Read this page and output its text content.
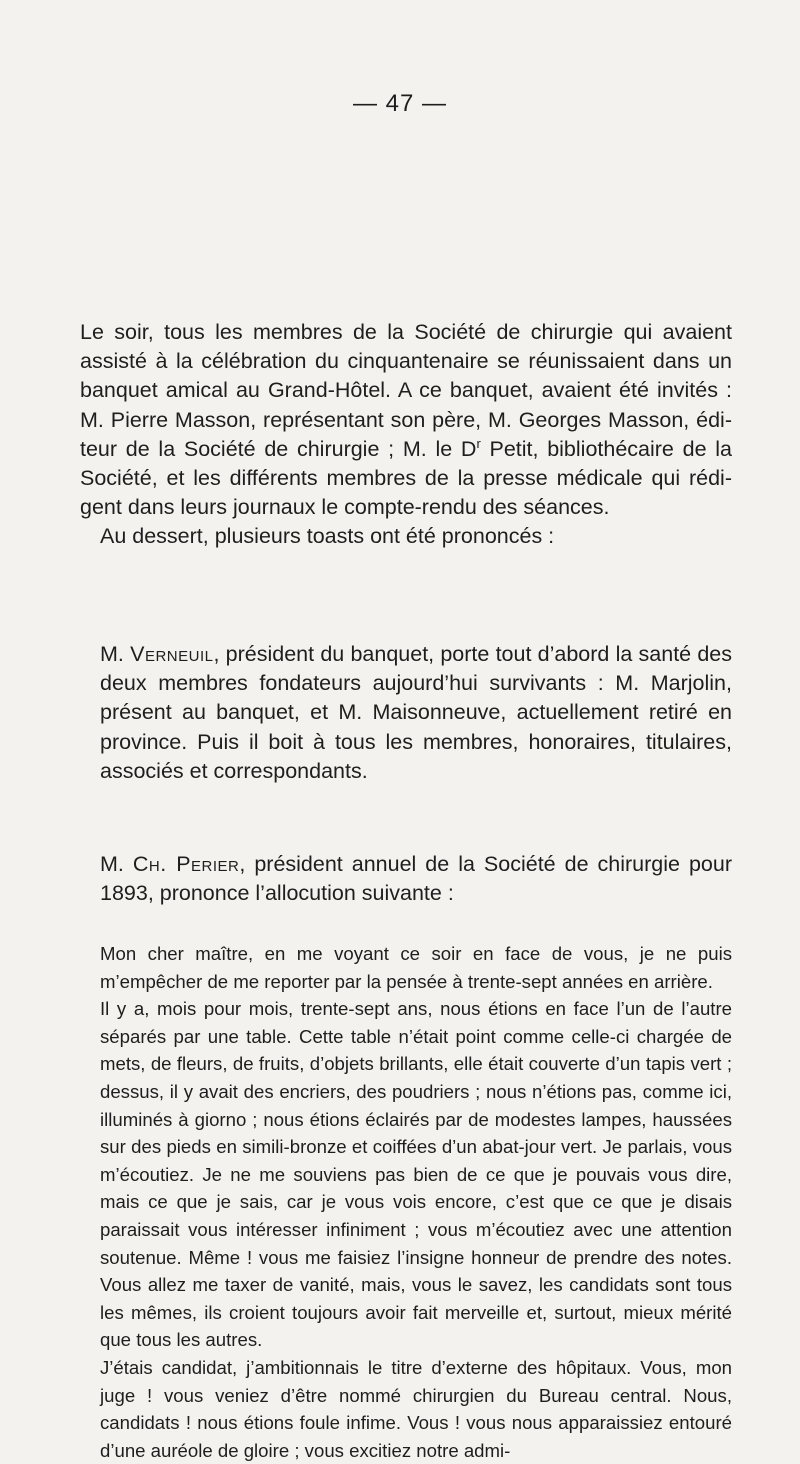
— 47 —

Le soir, tous les membres de la Société de chirurgie qui avaient assisté à la célébration du cinquantenaire se réunissaient dans un banquet amical au Grand-Hôtel. A ce banquet, avaient été invités : M. Pierre Masson, représentant son père, M. Georges Masson, éditeur de la Société de chirurgie ; M. le $D^r$ Petit, bibliothécaire de la Société, et les différents membres de la presse médicale qui rédigent dans leurs journaux le compte-rendu des séances.

Au dessert, plusieurs toasts ont été prononcés :

M. Verneuil, président du banquet, porte tout d’abord la santé des deux membres fondateurs aujourd’hui survivants : M. Marjolin, présent au banquet, et M. Maisonneuve, actuellement retiré en province. Puis il boit à tous les membres, honoraires, titulaires, associés et correspondants.

M. Ch. Perier, président annuel de la Société de chirurgie pour 1893, prononce l’allocution suivante :

Mon cher maître, en me voyant ce soir en face de vous, je ne puis m’empêcher de me reporter par la pensée à trente-sept années en arrière.

Il y a, mois pour mois, trente-sept ans, nous étions en face l’un de l’autre séparés par une table. Cette table n’était point comme celle-ci chargée de mets, de fleurs, de fruits, d’objets brillants, elle était couverte d’un tapis vert ; dessus, il y avait des encriers, des poudriers ; nous n’étions pas, comme ici, illuminés à giorno ; nous étions éclairés par de modestes lampes, haussées sur des pieds en simili-bronze et coiffées d’un abat-jour vert. Je parlais, vous m’écoutiez. Je ne me souviens pas bien de ce que je pouvais vous dire, mais ce que je sais, car je vous vois encore, c’est que ce que je disais paraissait vous intéresser infiniment ; vous m’écoutiez avec une attention soutenue. Même ! vous me faisiez l’insigne honneur de prendre des notes. Vous allez me taxer de vanité, mais, vous le savez, les candidats sont tous les mêmes, ils croient toujours avoir fait merveille et, surtout, mieux mérité que tous les autres.

J’étais candidat, j’ambitionnais le titre d’externe des hôpitaux. Vous, mon juge ! vous veniez d’être nommé chirurgien du Bureau central. Nous, candidats ! nous étions foule infime. Vous ! vous nous apparaissiez entouré d’une auréole de gloire ; vous excitiez notre admi-
